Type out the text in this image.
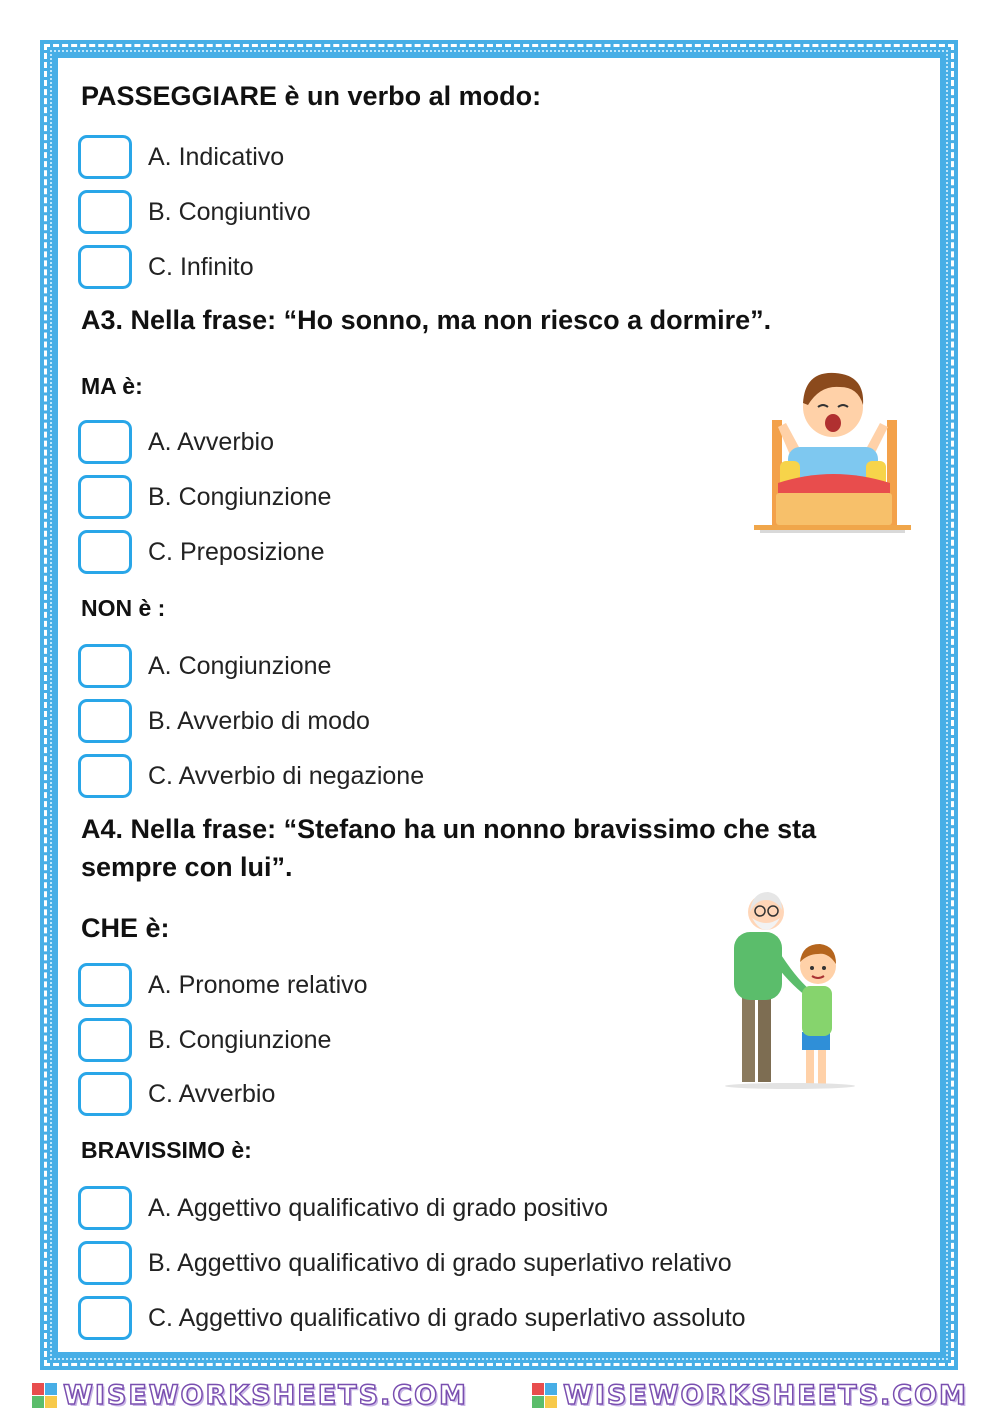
PASSEGGIARE è un verbo al modo:
A. Indicativo
B. Congiuntivo
C. Infinito
A3. Nella frase: “Ho sonno, ma non riesco a dormire”.
MA è:
A. Avverbio
B. Congiunzione
C. Preposizione
NON è :
A. Congiunzione
B. Avverbio di modo
C. Avverbio di negazione
A4. Nella frase: “Stefano ha un nonno bravissimo che sta
sempre con lui”.
CHE è:
A. Pronome relativo
B. Congiunzione
C. Avverbio
BRAVISSIMO è:
A. Aggettivo qualificativo di grado positivo
B. Aggettivo qualificativo di grado superlativo relativo
C. Aggettivo qualificativo di grado superlativo assoluto
WISEWORKSHEETS.COM	WISEWORKSHEETS.COM
